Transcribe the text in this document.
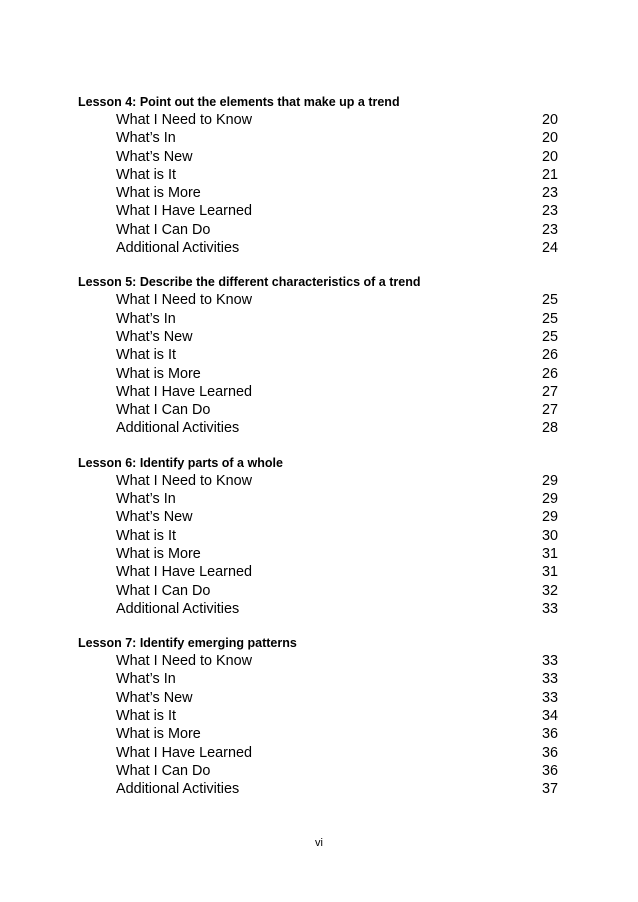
Lesson 4: Point out the elements that make up a trend
What I Need to Know	20
What’s In	20
What’s New	20
What is It	21
What is More	23
What I Have Learned	23
What I Can Do	23
Additional Activities	24
Lesson 5: Describe the different characteristics of a trend
What I Need to Know	25
What’s In	25
What’s New	25
What is It	26
What is More	26
What I Have Learned	27
What I Can Do	27
Additional Activities	28
Lesson 6: Identify parts of a whole
What I Need to Know	29
What’s In	29
What’s New	29
What is It	30
What is More	31
What I Have Learned	31
What I Can Do	32
Additional Activities	33
Lesson 7: Identify emerging patterns
What I Need to Know	33
What’s In	33
What’s New	33
What is It	34
What is More	36
What I Have Learned	36
What I Can Do	36
Additional Activities	37
vi
